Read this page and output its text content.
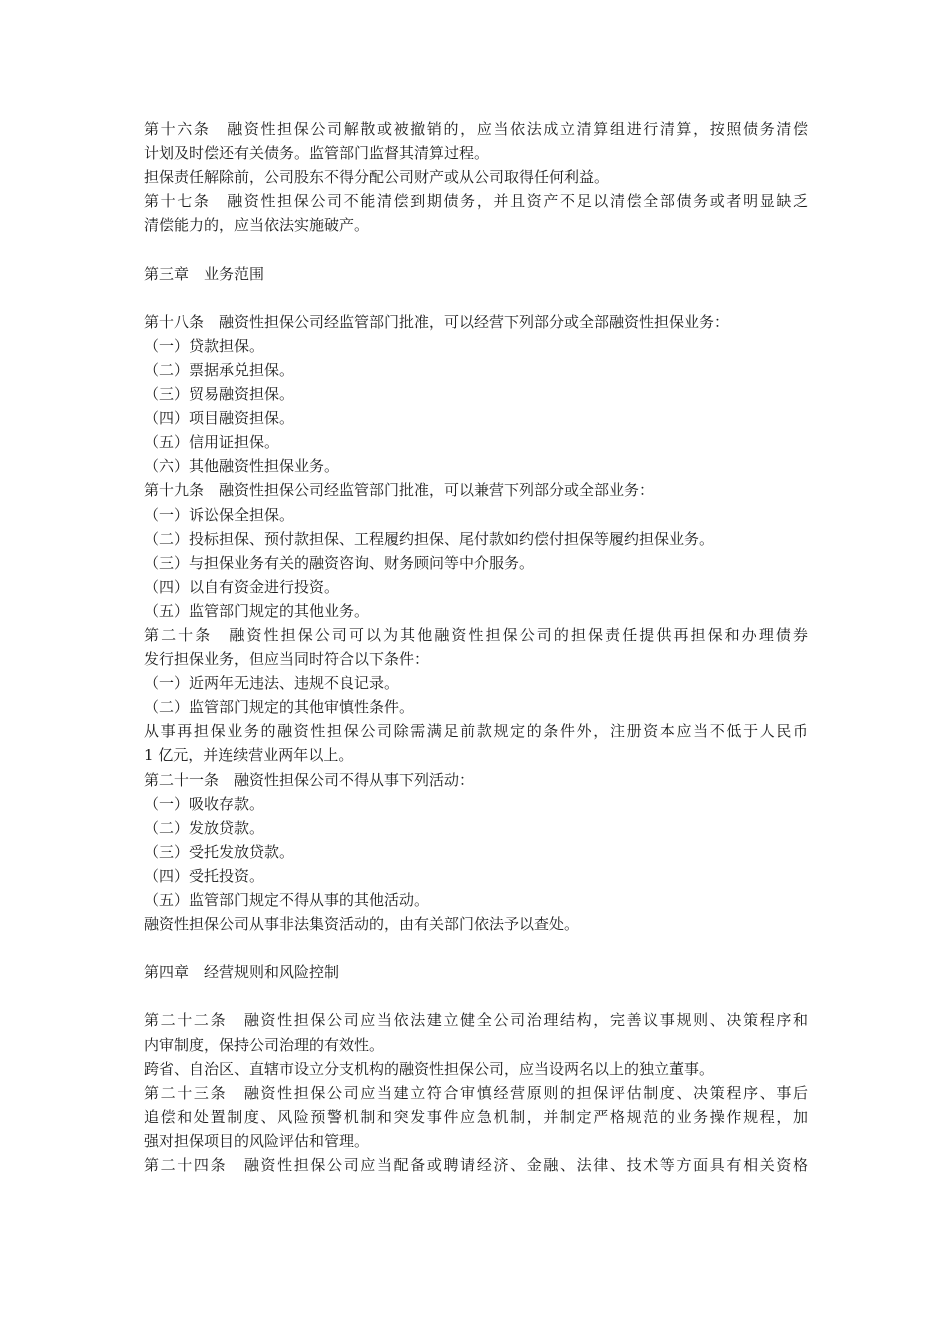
第十六条　融资性担保公司解散或被撤销的，应当依法成立清算组进行清算，按照债务清偿
计划及时偿还有关债务。监管部门监督其清算过程。
担保责任解除前，公司股东不得分配公司财产或从公司取得任何利益。
第十七条　融资性担保公司不能清偿到期债务，并且资产不足以清偿全部债务或者明显缺乏
清偿能力的，应当依法实施破产。
第三章　业务范围
第十八条　融资性担保公司经监管部门批准，可以经营下列部分或全部融资性担保业务：
（一）贷款担保。
（二）票据承兑担保。
（三）贸易融资担保。
（四）项目融资担保。
（五）信用证担保。
（六）其他融资性担保业务。
第十九条　融资性担保公司经监管部门批准，可以兼营下列部分或全部业务：
（一）诉讼保全担保。
（二）投标担保、预付款担保、工程履约担保、尾付款如约偿付担保等履约担保业务。
（三）与担保业务有关的融资咨询、财务顾问等中介服务。
（四）以自有资金进行投资。
（五）监管部门规定的其他业务。
第二十条　融资性担保公司可以为其他融资性担保公司的担保责任提供再担保和办理债券
发行担保业务，但应当同时符合以下条件：
（一）近两年无违法、违规不良记录。
（二）监管部门规定的其他审慎性条件。
从事再担保业务的融资性担保公司除需满足前款规定的条件外，注册资本应当不低于人民币
1 亿元，并连续营业两年以上。
第二十一条　融资性担保公司不得从事下列活动：
（一）吸收存款。
（二）发放贷款。
（三）受托发放贷款。
（四）受托投资。
（五）监管部门规定不得从事的其他活动。
融资性担保公司从事非法集资活动的，由有关部门依法予以查处。
第四章　经营规则和风险控制
第二十二条　融资性担保公司应当依法建立健全公司治理结构，完善议事规则、决策程序和
内审制度，保持公司治理的有效性。
跨省、自治区、直辖市设立分支机构的融资性担保公司，应当设两名以上的独立董事。
第二十三条　融资性担保公司应当建立符合审慎经营原则的担保评估制度、决策程序、事后
追偿和处置制度、风险预警机制和突发事件应急机制，并制定严格规范的业务操作规程，加
强对担保项目的风险评估和管理。
第二十四条　融资性担保公司应当配备或聘请经济、金融、法律、技术等方面具有相关资格
